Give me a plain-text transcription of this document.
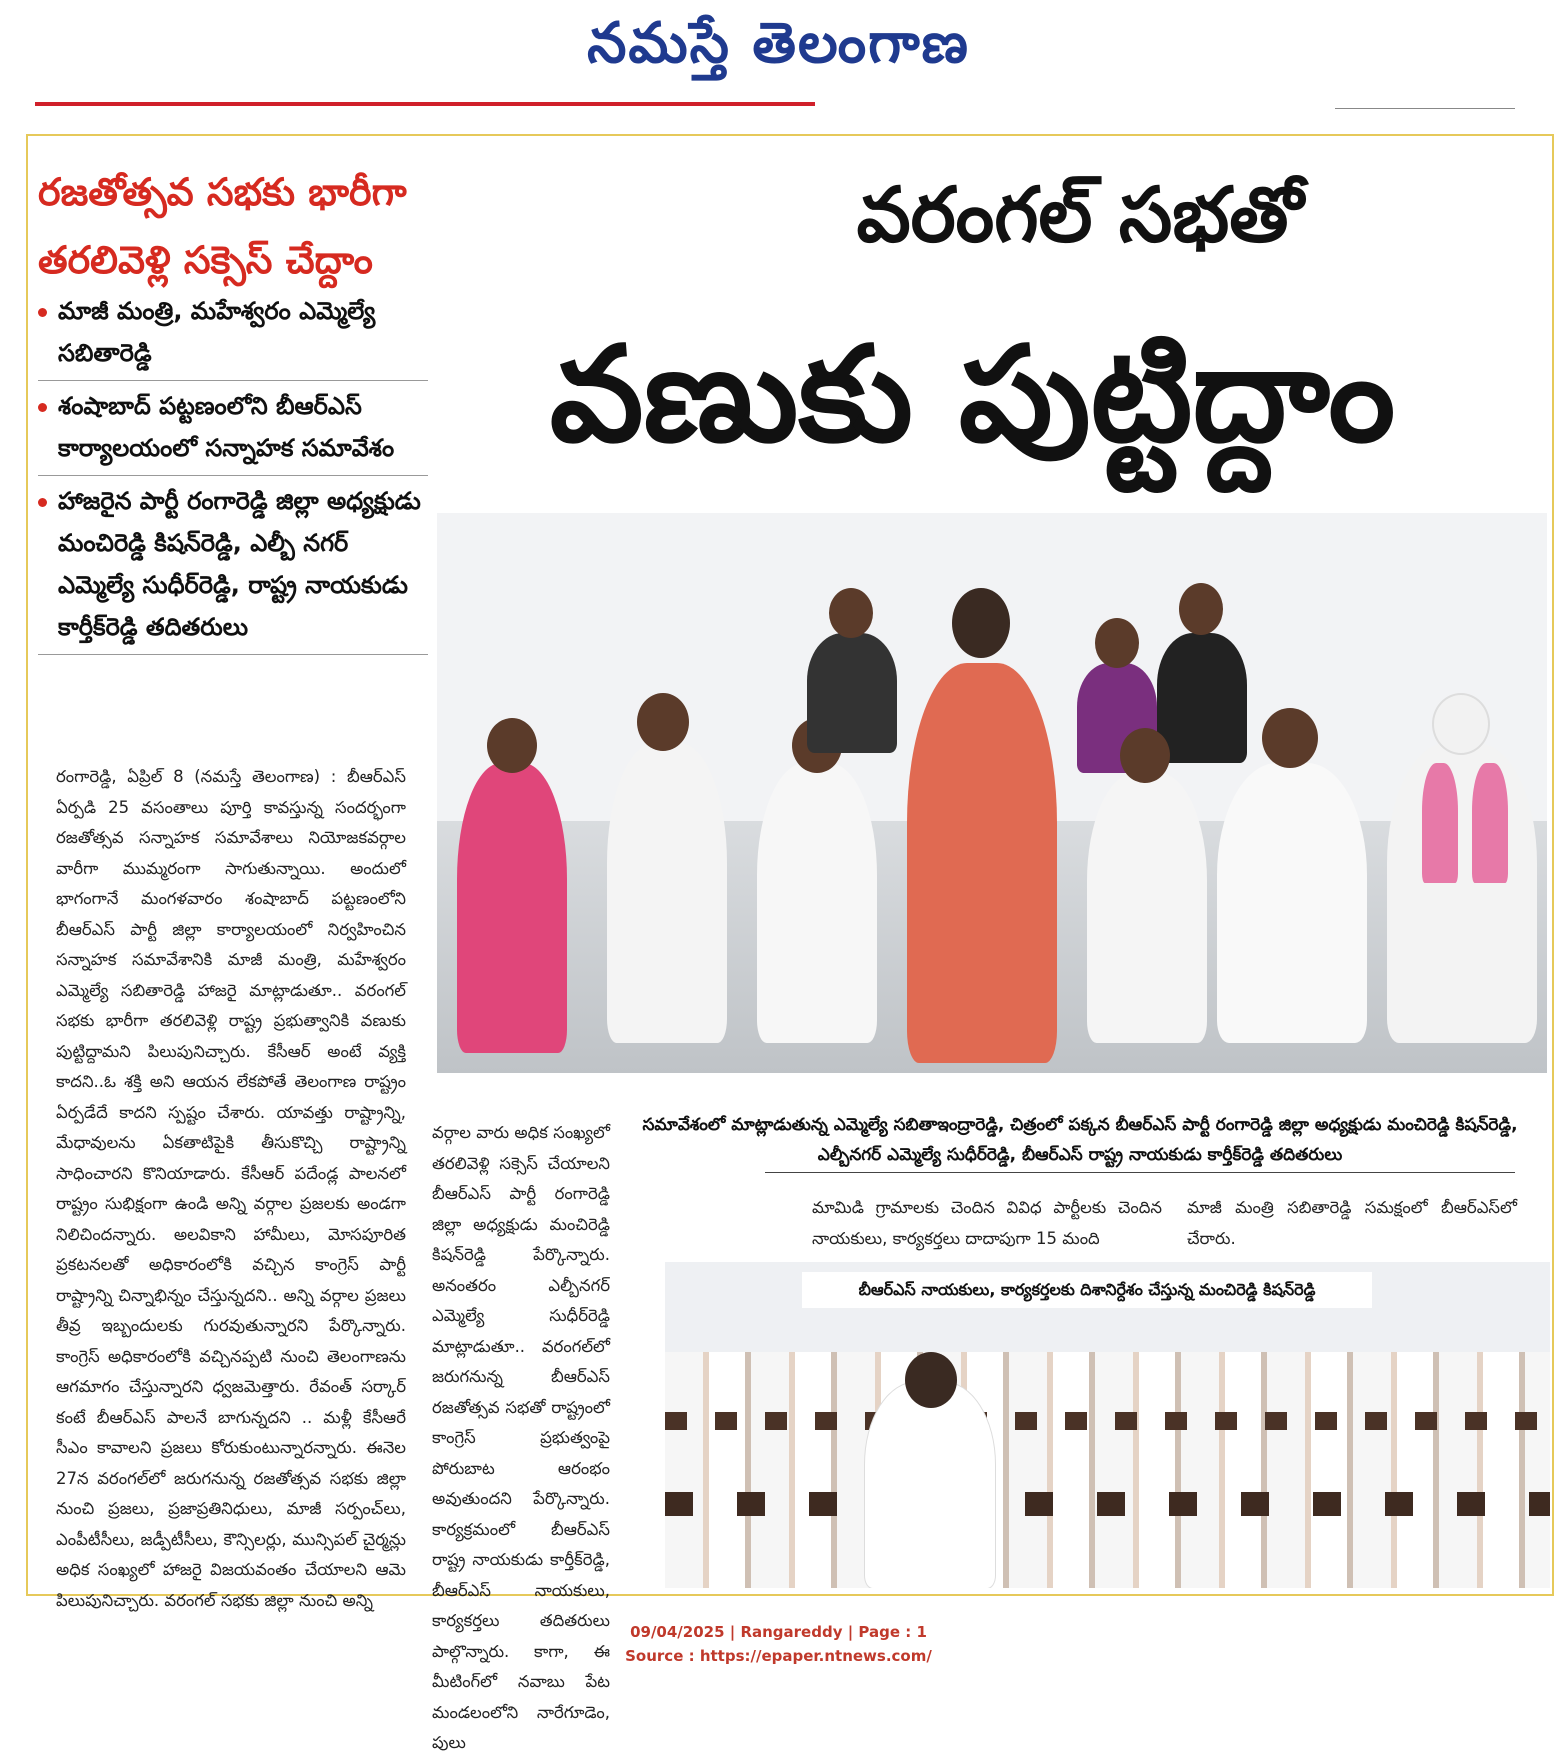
నమస్తే తెలంగాణ
రజతోత్సవ సభకు భారీగా
తరలివెళ్లి సక్సెస్ చేద్దాం
మాజీ మంత్రి, మహేశ్వరం ఎమ్మెల్యే సబితారెడ్డి
శంషాబాద్ పట్టణంలోని బీఆర్ఎస్ కార్యాలయంలో సన్నాహక సమావేశం
హాజరైన పార్టీ రంగారెడ్డి జిల్లా అధ్యక్షుడు మంచిరెడ్డి కిషన్‌రెడ్డి, ఎల్బీ నగర్ ఎమ్మెల్యే సుధీర్‌రెడ్డి, రాష్ట్ర నాయకుడు కార్తీక్‌రెడ్డి తదితరులు
వరంగల్ సభతో
వణుకు పుట్టిద్దాం
సమావేశంలో మాట్లాడుతున్న ఎమ్మెల్యే సబితాఇంద్రారెడ్డి, చిత్రంలో పక్కన బీఆర్ఎస్ పార్టీ రంగారెడ్డి జిల్లా అధ్యక్షుడు మంచిరెడ్డి కిషన్‌రెడ్డి,
ఎల్బీనగర్ ఎమ్మెల్యే సుధీర్‌రెడ్డి, బీఆర్ఎస్ రాష్ట్ర నాయకుడు కార్తీక్‌రెడ్డి తదితరులు
రంగారెడ్డి, ఏప్రిల్ 8 (నమస్తే తెలంగాణ) : బీఆర్ఎస్ ఏర్పడి 25 వసంతాలు పూర్తి కావస్తున్న సందర్భంగా రజతోత్సవ సన్నాహక సమావేశాలు నియోజకవర్గాల వారీగా ముమ్మరంగా సాగుతున్నాయి. అందులో భాగంగానే మంగళవారం శంషాబాద్ పట్టణంలోని బీఆర్ఎస్ పార్టీ జిల్లా కార్యాలయంలో నిర్వహించిన సన్నాహక సమావేశానికి మాజీ మంత్రి, మహేశ్వరం ఎమ్మెల్యే సబితారెడ్డి హాజరై మాట్లాడుతూ.. వరంగల్ సభకు భారీగా తరలివెళ్లి రాష్ట్ర ప్రభుత్వానికి వణుకు పుట్టిద్దామని పిలుపునిచ్చారు. కేసీఆర్ అంటే వ్యక్తి కాదని..ఓ శక్తి అని ఆయన లేకపోతే తెలంగాణ రాష్ట్రం ఏర్పడేదే కాదని స్పష్టం చేశారు. యావత్తు రాష్ట్రాన్ని, మేధావులను ఏకతాటిపైకి తీసుకొచ్చి రాష్ట్రాన్ని సాధించారని కొనియాడారు. కేసీఆర్ పదేండ్ల పాలనలో రాష్ట్రం సుభిక్షంగా ఉండి అన్ని వర్గాల ప్రజలకు అండగా నిలిచిందన్నారు. అలవికాని హామీలు, మోసపూరిత ప్రకటనలతో అధికారంలోకి వచ్చిన కాంగ్రెస్ పార్టీ రాష్ట్రాన్ని చిన్నాభిన్నం చేస్తున్నదని.. అన్ని వర్గాల ప్రజలు తీవ్ర ఇబ్బందులకు గురవుతున్నారని పేర్కొన్నారు. కాంగ్రెస్ అధికారంలోకి వచ్చినప్పటి నుంచి తెలంగాణను ఆగమాగం చేస్తున్నారని ధ్వజమెత్తారు. రేవంత్ సర్కార్ కంటే బీఆర్ఎస్ పాలనే బాగున్నదని .. మళ్లీ కేసీఆరే సీఎం కావాలని ప్రజలు కోరుకుంటున్నారన్నారు. ఈనెల 27న వరంగల్‌లో జరుగనున్న రజతోత్సవ సభకు జిల్లా నుంచి ప్రజలు, ప్రజాప్రతినిధులు, మాజీ సర్పంచ్‌లు, ఎంపీటీసీలు, జడ్పీటీసీలు, కౌన్సిలర్లు, మున్సిపల్ చైర్మన్లు అధిక సంఖ్యలో హాజరై విజయవంతం చేయాలని ఆమె పిలుపునిచ్చారు. వరంగల్ సభకు జిల్లా నుంచి అన్ని
వర్గాల వారు అధిక సంఖ్యలో తరలివెళ్లి సక్సెస్ చేయాలని బీఆర్ఎస్ పార్టీ రంగారెడ్డి జిల్లా అధ్యక్షుడు మంచిరెడ్డి కిషన్‌రెడ్డి పేర్కొన్నారు. అనంతరం ఎల్బీనగర్ ఎమ్మెల్యే సుధీర్‌రెడ్డి మాట్లాడుతూ.. వరంగల్‌లో జరుగనున్న బీఆర్ఎస్ రజతోత్సవ సభతో రాష్ట్రంలో కాంగ్రెస్ ప్రభుత్వంపై పోరుబాట ఆరంభం అవుతుందని పేర్కొన్నారు. కార్యక్రమంలో బీఆర్ఎస్ రాష్ట్ర నాయకుడు కార్తీక్‌రెడ్డి, బీఆర్ఎస్ నాయకులు, కార్యకర్తలు తదితరులు పాల్గొన్నారు. కాగా, ఈ మీటింగ్‌లో నవాబు పేట మండలంలోని నారేగూడెం, పులు
మామిడి గ్రామాలకు చెందిన వివిధ పార్టీలకు చెందిన నాయకులు, కార్యకర్తలు దాదాపుగా 15 మంది
మాజీ మంత్రి సబితారెడ్డి సమక్షంలో బీఆర్ఎస్‌లో చేరారు.
బీఆర్ఎస్ నాయకులు, కార్యకర్తలకు దిశానిర్దేశం చేస్తున్న మంచిరెడ్డి కిషన్‌రెడ్డి
09/04/2025 | Rangareddy | Page : 1
Source : https://epaper.ntnews.com/
